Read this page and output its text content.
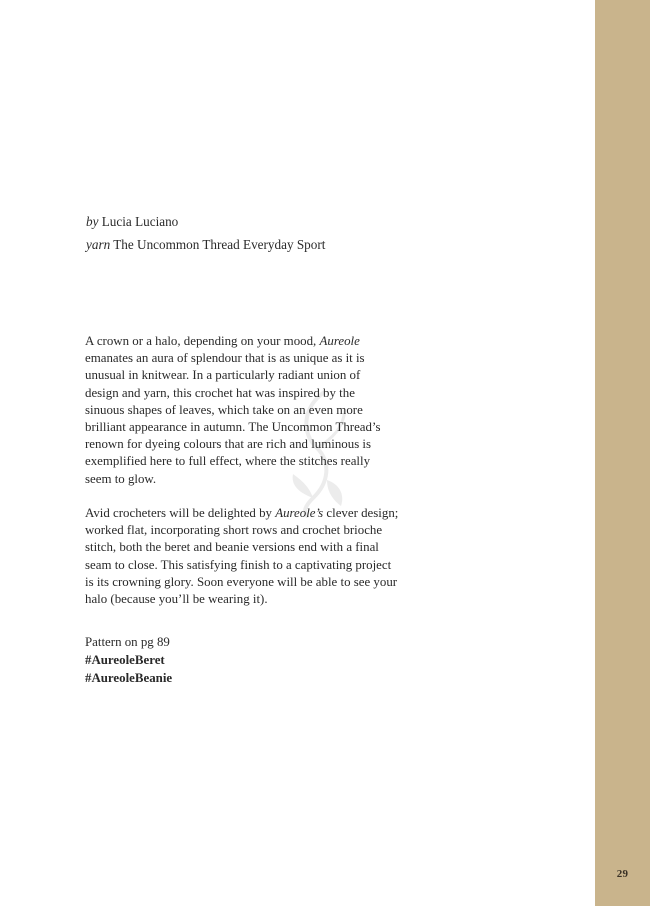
by Lucia Luciano
yarn The Uncommon Thread Everyday Sport

A crown or a halo, depending on your mood, Aureole
emanates an aura of splendour that is as unique as it is
unusual in knitwear. In a particularly radiant union of
design and yarn, this crochet hat was inspired by the
sinuous shapes of leaves, which take on an even more
brilliant appearance in autumn. The Uncommon Thread’s
renown for dyeing colours that are rich and luminous is
exemplified here to full effect, where the stitches really
seem to glow.

Avid crocheters will be delighted by Aureole’s clever design;
worked flat, incorporating short rows and crochet brioche
stitch, both the beret and beanie versions end with a final
seam to close. This satisfying finish to a captivating project
is its crowning glory. Soon everyone will be able to see your
halo (because you’ll be wearing it).

Pattern on pg 89
#AureoleBeret
#AureoleBeanie
29
